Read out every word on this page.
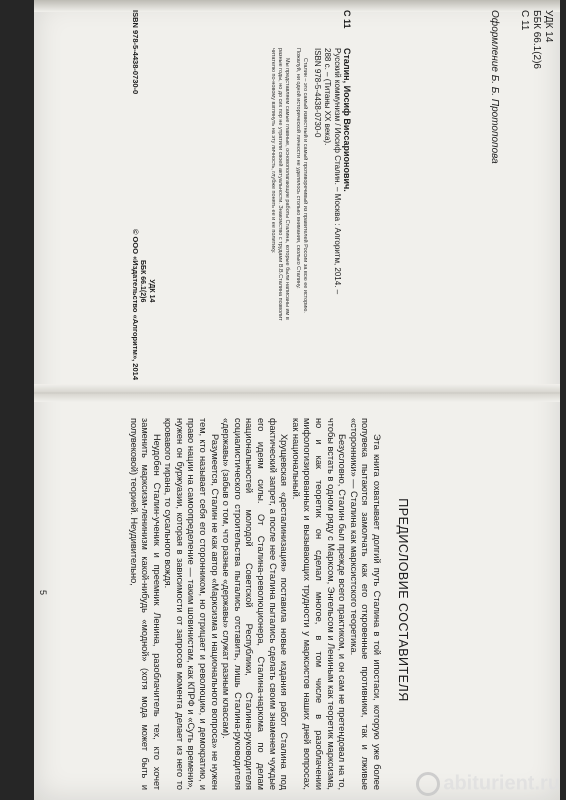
УДК 14
ББК 66.1(2)6
С 11
Оформление Б. Б. Протопопова
С 11
Сталин, Иосиф Виссарионович.
Русский коммунизм / Иосиф Сталин. – Москва : Алгоритм, 2014. –
288 с. – (Титаны XX века).
ISBN 978-5-4438-0730-0
Сталин – это самый известный и самый противоречивый из правителей России за всю ее историю. Пожалуй, ни одной исторической личности не уделялось столько внимания, сколько Сталину.
Мы представляем самые главные, основополагающие работы Сталина, которые были написаны им в разные годы, но до сих пор не утратили своей актуальности. Знакомство с трудами В.В.Сталина позволит читателю по-новому взглянуть на эту личность, глубже понять ее и ее политику.
УДК 14
ББК 66.1(2)6
ISBN 978-5-4438-0730-0
© ООО «Издательство «Алгоритм», 2014
ПРЕДИСЛОВИЕ СОСТАВИТЕЛЯ

Эта книга охватывает долгий путь Сталина в той ипостаси, которую уже более полувека пытаются замолчать как его откровенные противники, так и лживые «сторонники» — Сталина как марксистского теоретика.

Безусловно, Сталин был прежде всего практиком, и он сам не претендовал на то, чтобы встать в одном ряду с Марксом, Энгельсом и Лениным как теоретик марксизма, но и как теоретик он сделал многое, в том числе в разоблачении мифологизированных и вызывающих трудности у марксистов наших дней вопросах, как национальный.

Хрущевская «десталинизация» поставила новые издания работ Сталина под фактический запрет, а после нее Сталина пытались сделать своим знаменем чуждые его идеям силы. От Сталина-революционера, Сталина-наркома по делам национальностей молодой Советской Республики, Сталина-руководителя социалистического строительства пытались отставить, лишь Сталина-руководителя «державы» (забыв о том, что разные «державы» служат разным классам).

Разумеется, Сталин не как автор «Марксизма и национального вопроса» не нужен тем, кто называет себя его сторонником, но отрицает и революцию, и демократию, и право нации на самоопределение — таким шовинистам, как КПРФ и «Суть времени», нужен он буржуазии, которая в зависимости от запросов момента делает из него то кровавого тирана, то сусального вождя.

Неудобен Сталин-ученик и преемник Ленина, разоблачитель тех, кто хочет заменить марксизм-ленинизм какой-нибудь «модной» (хотя мода может быть и полувековой) теорией. Неудивительно,

5
abiturient.ru
